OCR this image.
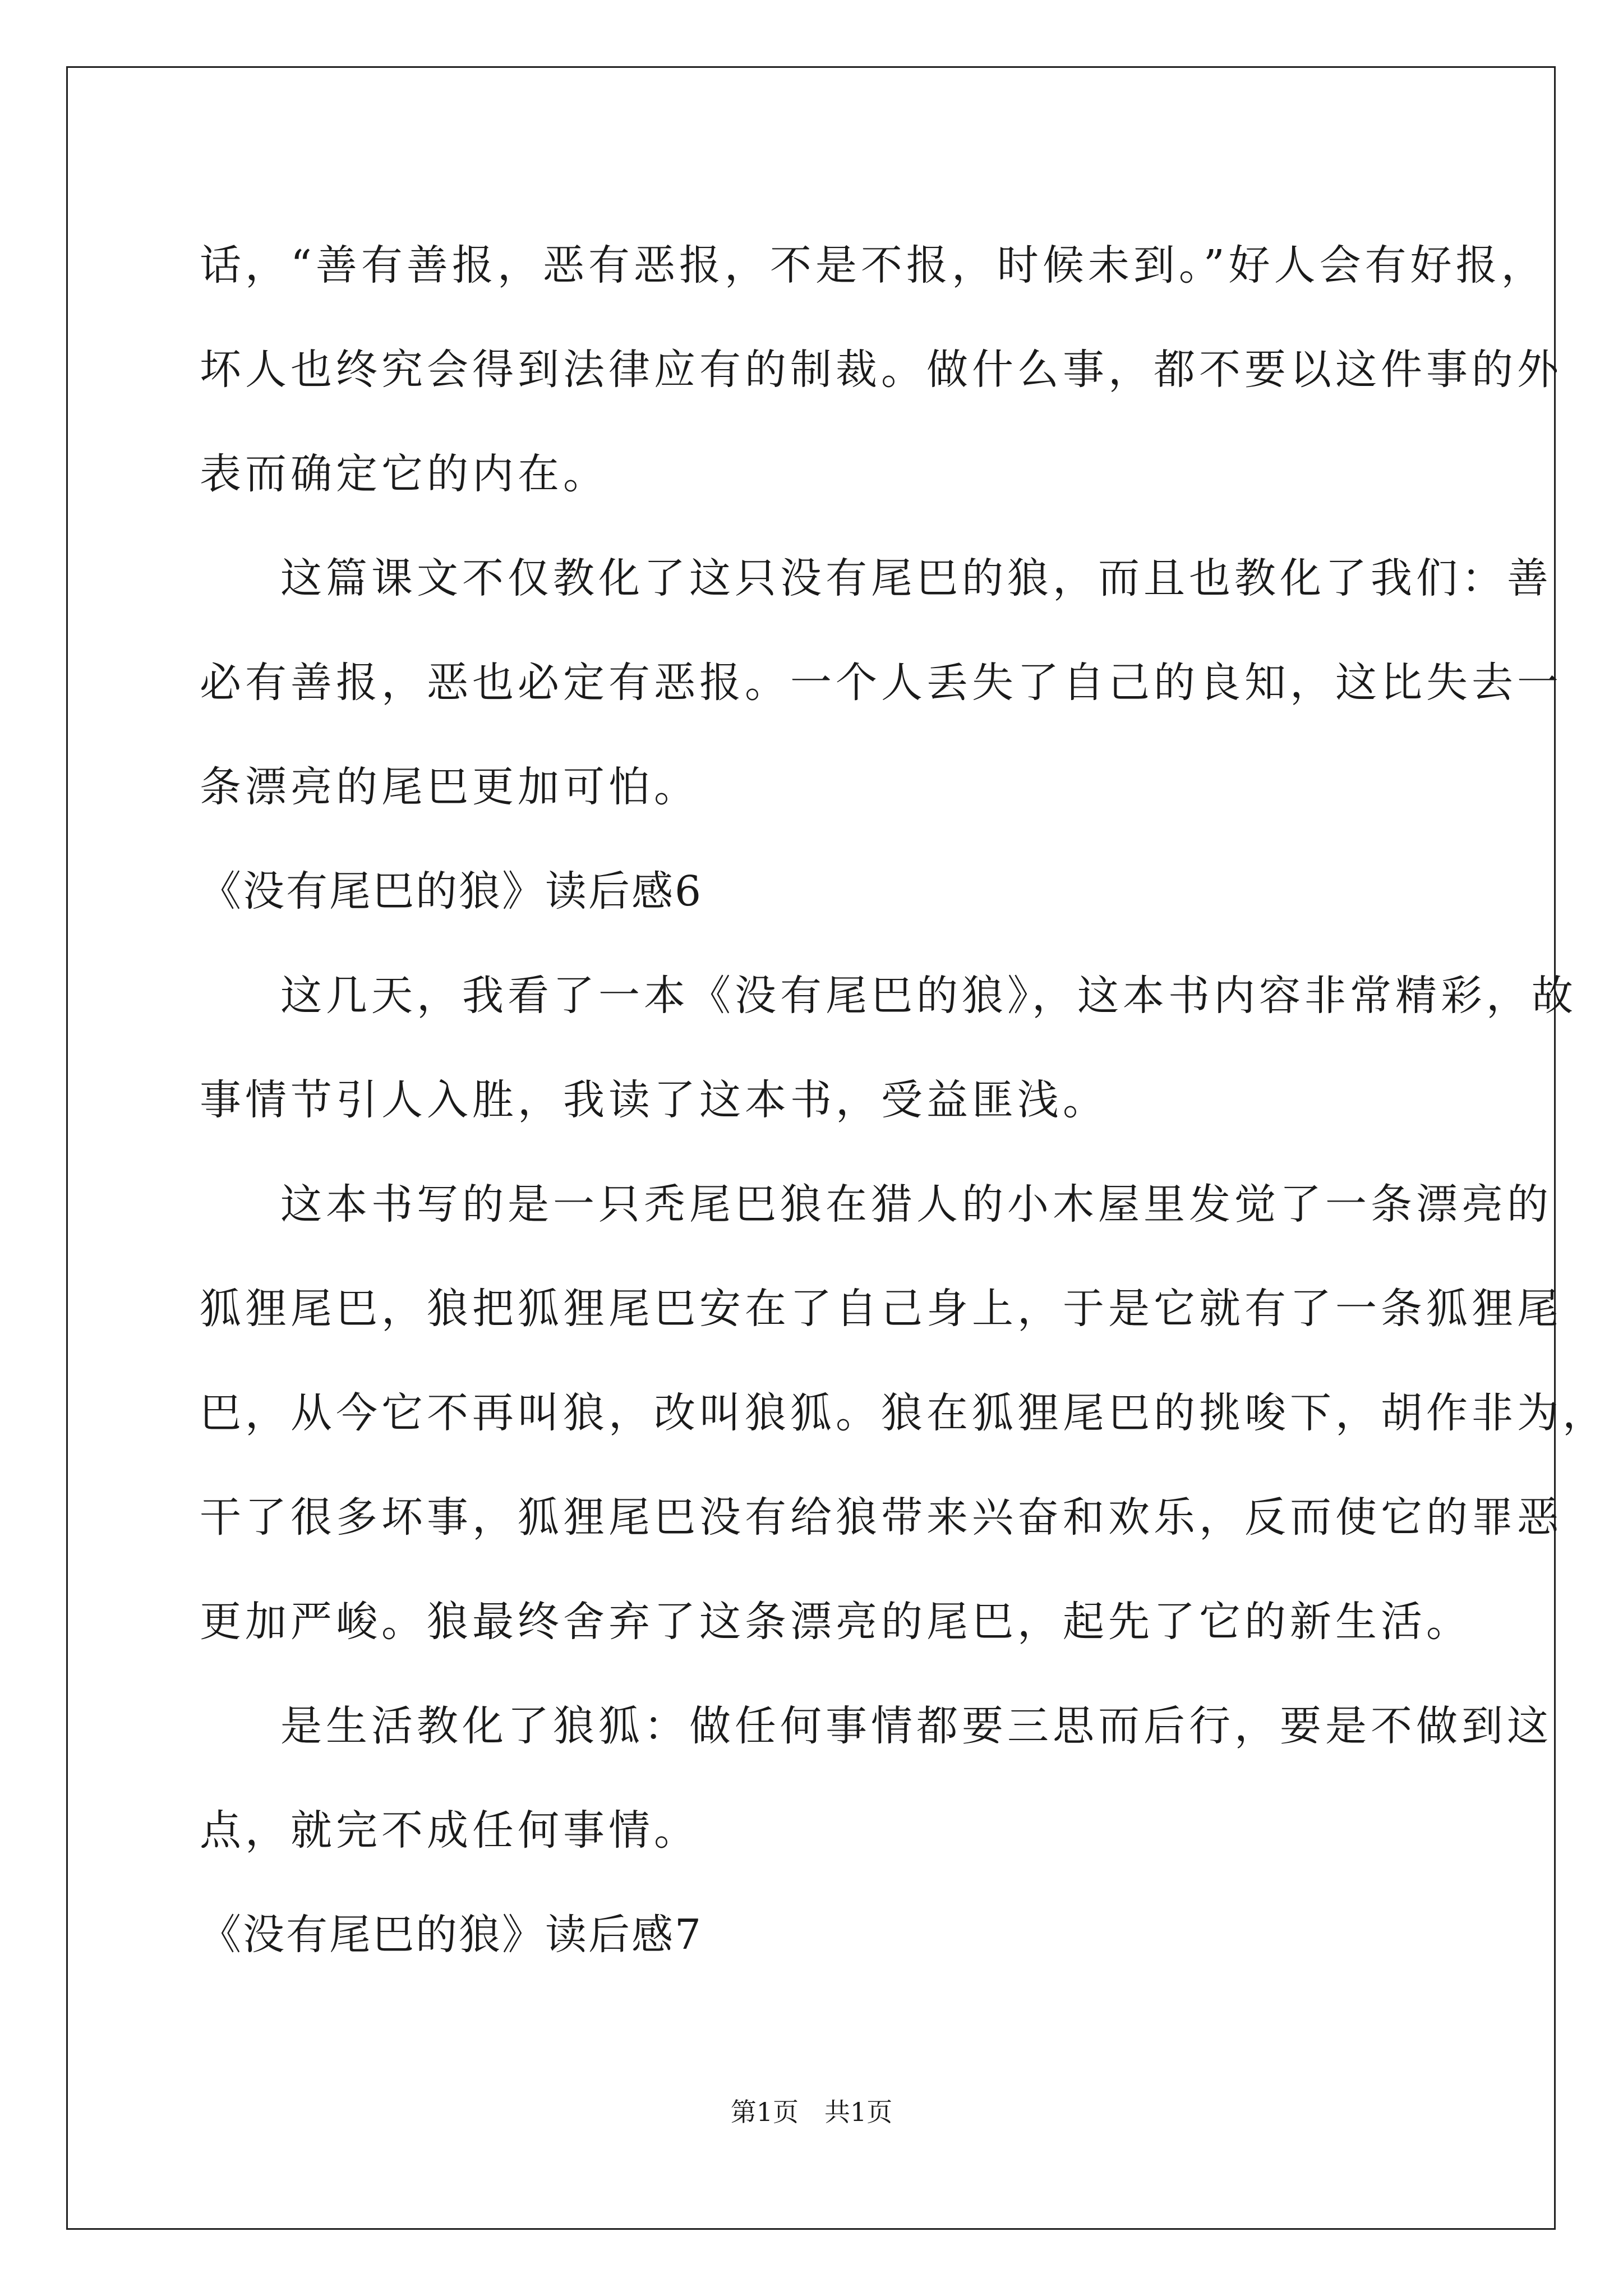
话，“善有善报，恶有恶报，不是不报，时候未到。”好人会有好报，
坏人也终究会得到法律应有的制裁。做什么事，都不要以这件事的外
表而确定它的内在。
这篇课文不仅教化了这只没有尾巴的狼，而且也教化了我们：善
必有善报，恶也必定有恶报。一个人丢失了自己的良知，这比失去一
条漂亮的尾巴更加可怕。
《没有尾巴的狼》读后感6
这几天，我看了一本《没有尾巴的狼》，这本书内容非常精彩，故
事情节引人入胜，我读了这本书，受益匪浅。
这本书写的是一只秃尾巴狼在猎人的小木屋里发觉了一条漂亮的
狐狸尾巴，狼把狐狸尾巴安在了自己身上，于是它就有了一条狐狸尾
巴，从今它不再叫狼，改叫狼狐。狼在狐狸尾巴的挑唆下，胡作非为，
干了很多坏事，狐狸尾巴没有给狼带来兴奋和欢乐，反而使它的罪恶
更加严峻。狼最终舍弃了这条漂亮的尾巴，起先了它的新生活。
是生活教化了狼狐：做任何事情都要三思而后行，要是不做到这
点，就完不成任何事情。
《没有尾巴的狼》读后感7
第1页　共1页
